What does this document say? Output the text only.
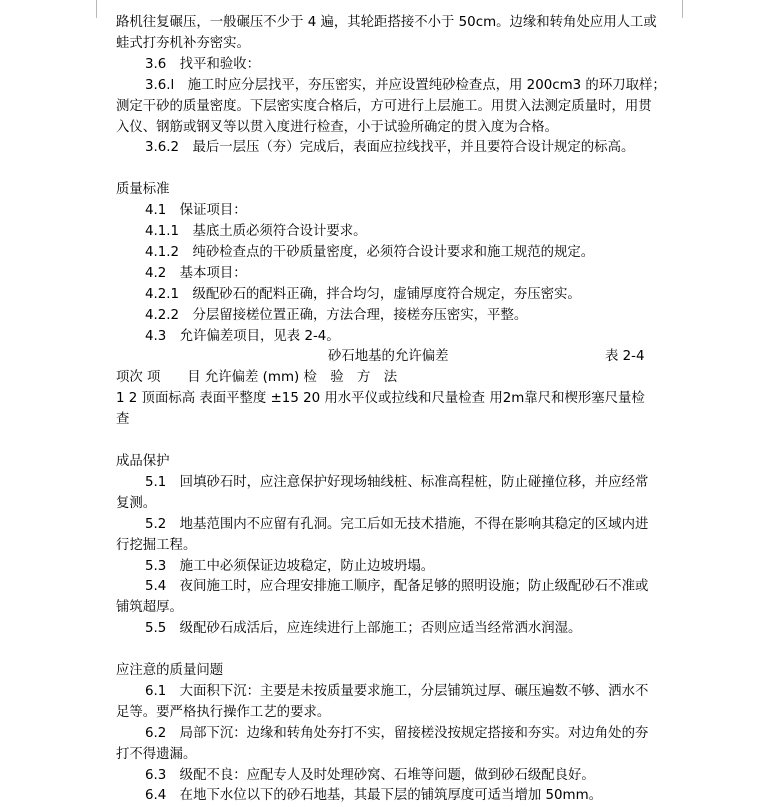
路机往复碾压，一般碾压不少于 4 遍，其轮距搭接不小于 50cm。边缘和转角处应用人工或
蛙式打夯机补夯密实。
3.6　找平和验收：
3.6.l　施工时应分层找平，夯压密实，并应设置纯砂检查点，用 200cm3 的环刀取样；
测定干砂的质量密度。下层密实度合格后，方可进行上层施工。用贯入法测定质量时，用贯
入仪、钢筋或钢叉等以贯入度进行检查，小于试验所确定的贯入度为合格。
3.6.2　最后一层压（夯）完成后，表面应拉线找平，并且要符合设计规定的标高。
质量标准
4.1　保证项目：
4.1.1　基底土质必须符合设计要求。
4.1.2　纯砂检查点的干砂质量密度，必须符合设计要求和施工规范的规定。
4.2　基本项目：
4.2.1　级配砂石的配料正确，拌合均匀，虚铺厚度符合规定，夯压密实。
4.2.2　分层留接槎位置正确，方法合理，接槎夯压密实，平整。
4.3　允许偏差项目，见表 2-4。
砂石地基的允许偏差	表 2-4
项次 项　　目 允许偏差 (mm) 检　验　方　法
1 2 顶面标高 表面平整度 ±15 20 用水平仪或拉线和尺量检查 用2m靠尺和楔形塞尺量检
查
成品保护
5.1　回填砂石时，应注意保护好现场轴线桩、标准高程桩，防止碰撞位移，并应经常
复测。
5.2　地基范围内不应留有孔洞。完工后如无技术措施，不得在影响其稳定的区域内进
行挖掘工程。
5.3　施工中必须保证边坡稳定，防止边坡坍塌。
5.4　夜间施工时，应合理安排施工顺序，配备足够的照明设施；防止级配砂石不准或
铺筑超厚。
5.5　级配砂石成活后，应连续进行上部施工；否则应适当经常洒水润湿。
应注意的质量问题
6.1　大面积下沉：主要是未按质量要求施工，分层铺筑过厚、碾压遍数不够、洒水不
足等。要严格执行操作工艺的要求。
6.2　局部下沉：边缘和转角处夯打不实，留接槎没按规定搭接和夯实。对边角处的夯
打不得遗漏。
6.3　级配不良：应配专人及时处理砂窝、石堆等问题，做到砂石级配良好。
6.4　在地下水位以下的砂石地基，其最下层的铺筑厚度可适当增加 50mm。
